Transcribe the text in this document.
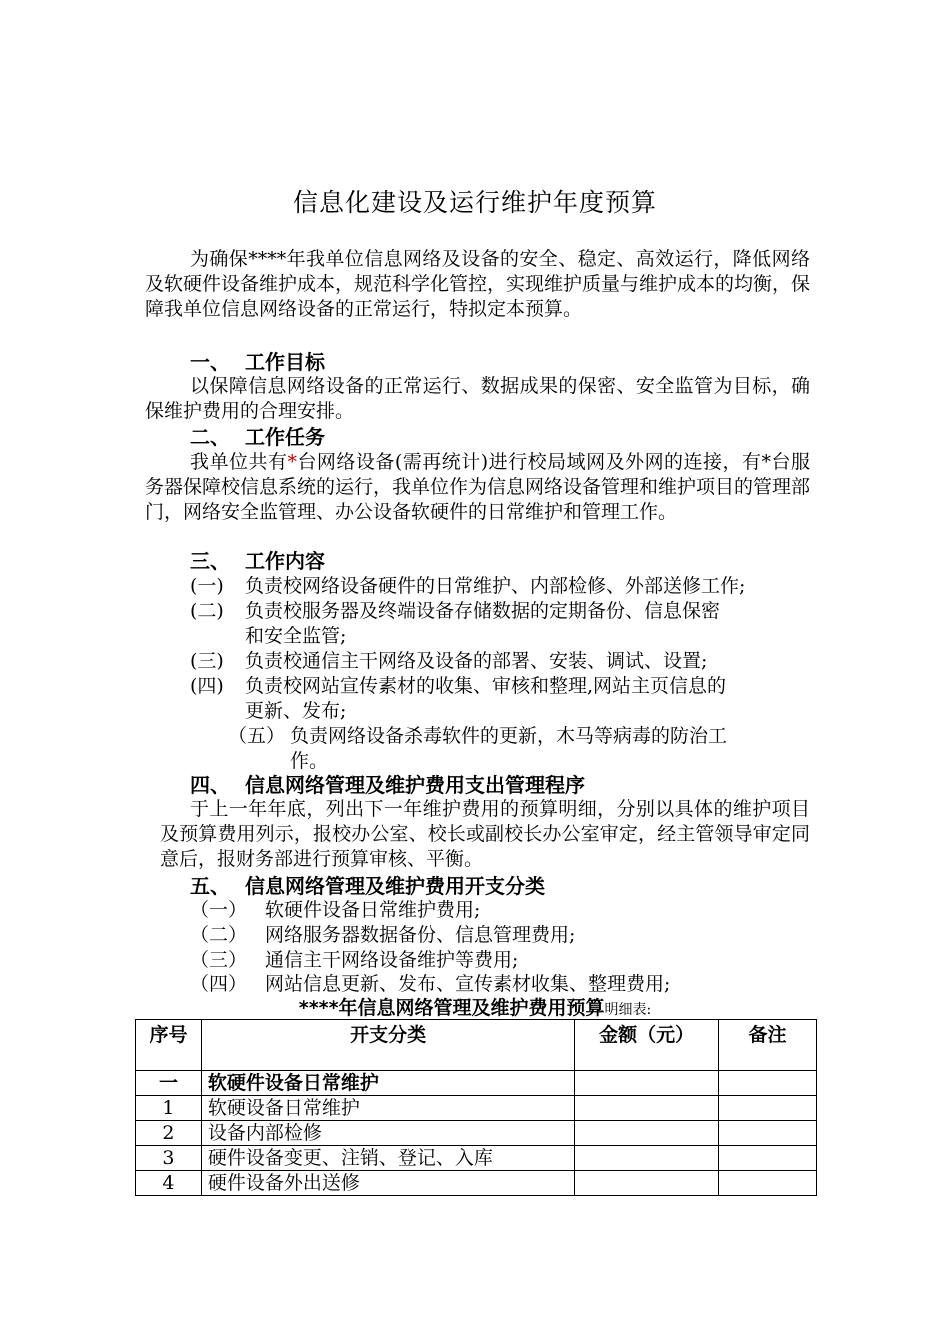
信息化建设及运行维护年度预算

为确保****年我单位信息网络及设备的安全、稳定、高效运行，降低网络及软硬件设备维护成本，规范科学化管控，实现维护质量与维护成本的均衡，保障我单位信息网络设备的正常运行，特拟定本预算。

一、 工作目标

以保障信息网络设备的正常运行、数据成果的保密、安全监管为目标，确保维护费用的合理安排。

二、 工作任务

我单位共有*台网络设备(需再统计)进行校局域网及外网的连接，有*台服务器保障校信息系统的运行，我单位作为信息网络设备管理和维护项目的管理部门，网络安全监管理、办公设备软硬件的日常维护和管理工作。

三、 工作内容
(一) 负责校网络设备硬件的日常维护、内部检修、外部送修工作;
(二) 负责校服务器及终端设备存储数据的定期备份、信息保密
和安全监管;
(三) 负责校通信主干网络及设备的部署、安装、调试、设置;
(四) 负责校网站宣传素材的收集、审核和整理,网站主页信息的
更新、发布;
（五） 负责网络设备杀毒软件的更新，木马等病毒的防治工
作。
四、 信息网络管理及维护费用支出管理程序

于上一年年底，列出下一年维护费用的预算明细，分别以具体的维护项目及预算费用列示，报校办公室、校长或副校长办公室审定，经主管领导审定同意后，报财务部进行预算审核、平衡。

五、 信息网络管理及维护费用开支分类
（一） 软硬件设备日常维护费用;
（二） 网络服务器数据备份、信息管理费用;
（三） 通信主干网络设备维护等费用;
（四） 网站信息更新、发布、宣传素材收集、整理费用;
****年信息网络管理及维护费用预算明细表:
序号	开支分类	金额（元）	备注
一	软硬件设备日常维护		
1	软硬设备日常维护		
2	设备内部检修		
3	硬件设备变更、注销、登记、入库		
4	硬件设备外出送修		
